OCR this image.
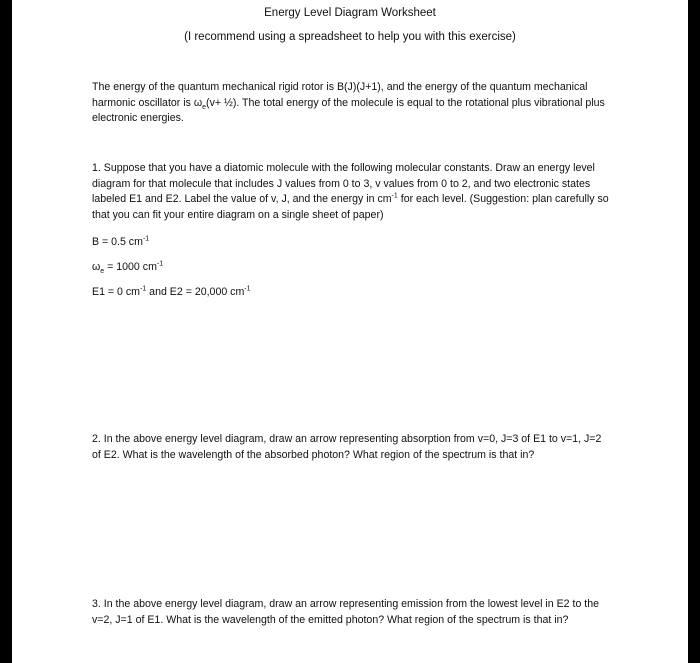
Energy Level Diagram Worksheet
(I recommend using a spreadsheet to help you with this exercise)
The energy of the quantum mechanical rigid rotor is B(J)(J+1), and the energy of the quantum mechanical harmonic oscillator is $\omega_e(v+$ ½). The total energy of the molecule is equal to the rotational plus vibrational plus electronic energies.
1. Suppose that you have a diatomic molecule with the following molecular constants. Draw an energy level diagram for that molecule that includes J values from 0 to 3, v values from 0 to 2, and two electronic states labeled E1 and E2. Label the value of v, J, and the energy in $cm^{-1}$ for each level. (Suggestion: plan carefully so that you can fit your entire diagram on a single sheet of paper)
B = 0.5 $cm^{-1}$
$\omega_e = 1000$ $cm^{-1}$
E1 = 0 $cm^{-1}$ and E2 = 20,000 $cm^{-1}$
2. In the above energy level diagram, draw an arrow representing absorption from v=0, J=3 of E1 to v=1, J=2 of E2. What is the wavelength of the absorbed photon? What region of the spectrum is that in?
3. In the above energy level diagram, draw an arrow representing emission from the lowest level in E2 to the v=2, J=1 of E1. What is the wavelength of the emitted photon? What region of the spectrum is that in?
